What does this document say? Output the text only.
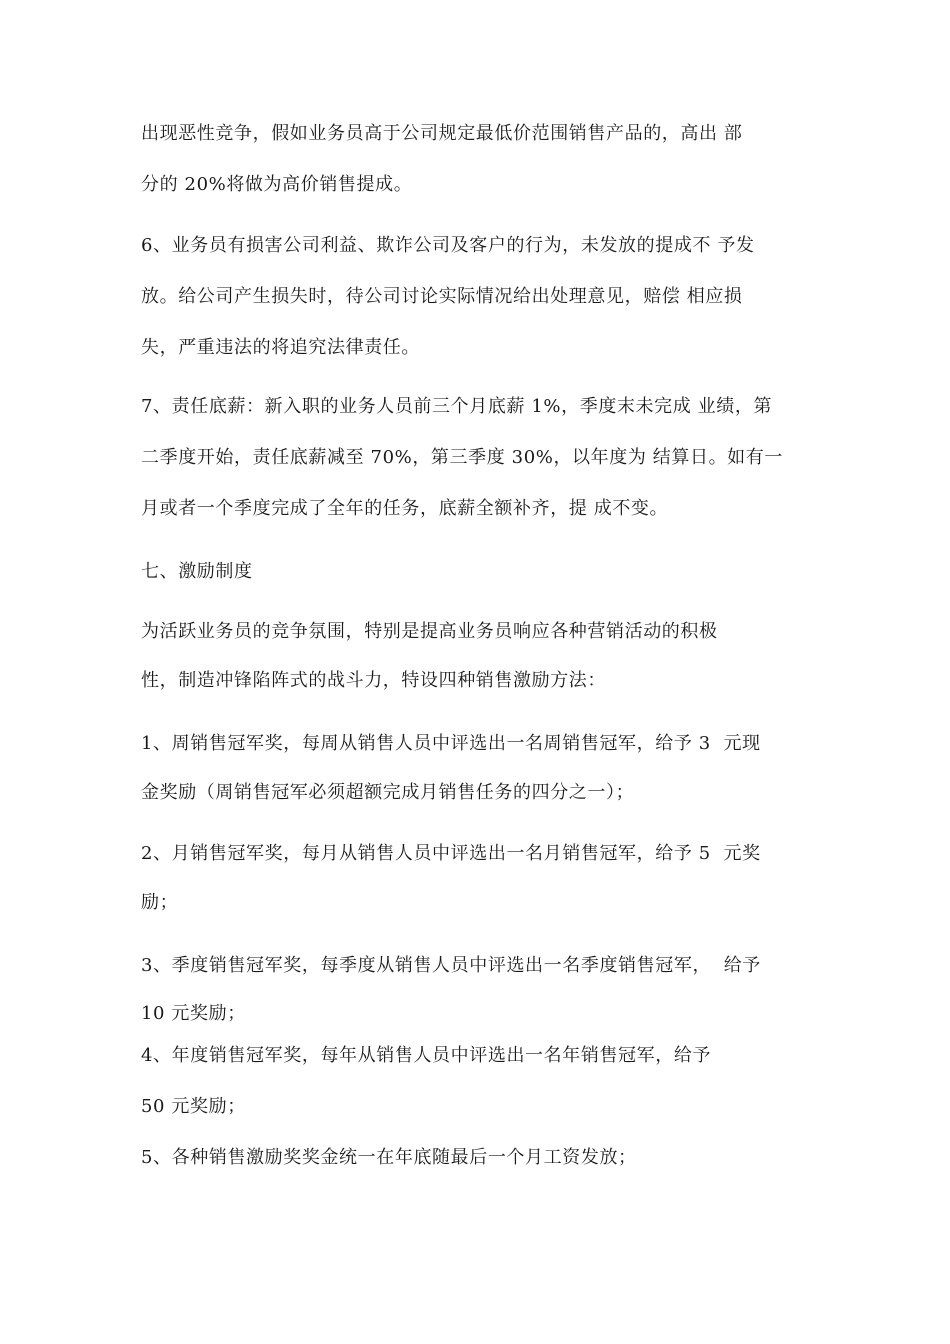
出现恶性竞争，假如业务员高于公司规定最低价范围销售产品的，高出 部
分的 20%将做为高价销售提成。
6、业务员有损害公司利益、欺诈公司及客户的行为，未发放的提成不 予发
放。给公司产生损失时，待公司讨论实际情况给出处理意见，赔偿 相应损
失，严重违法的将追究法律责任。
7、责任底薪：新入职的业务人员前三个月底薪 1%，季度末未完成 业绩，第
二季度开始，责任底薪减至 70%，第三季度 30%，以年度为 结算日。如有一
月或者一个季度完成了全年的任务，底薪全额补齐，提 成不变。
七、激励制度
为活跃业务员的竞争氛围，特别是提高业务员响应各种营销活动的积极
性，制造冲锋陷阵式的战斗力，特设四种销售激励方法：
1、周销售冠军奖，每周从销售人员中评选出一名周销售冠军，给予 3  元现
金奖励（周销售冠军必须超额完成月销售任务的四分之一）；
2、月销售冠军奖，每月从销售人员中评选出一名月销售冠军，给予 5  元奖
励；
3、季度销售冠军奖，每季度从销售人员中评选出一名季度销售冠军，  给予
10 元奖励；
4、年度销售冠军奖，每年从销售人员中评选出一名年销售冠军，给予
50 元奖励；
5、各种销售激励奖奖金统一在年底随最后一个月工资发放；
